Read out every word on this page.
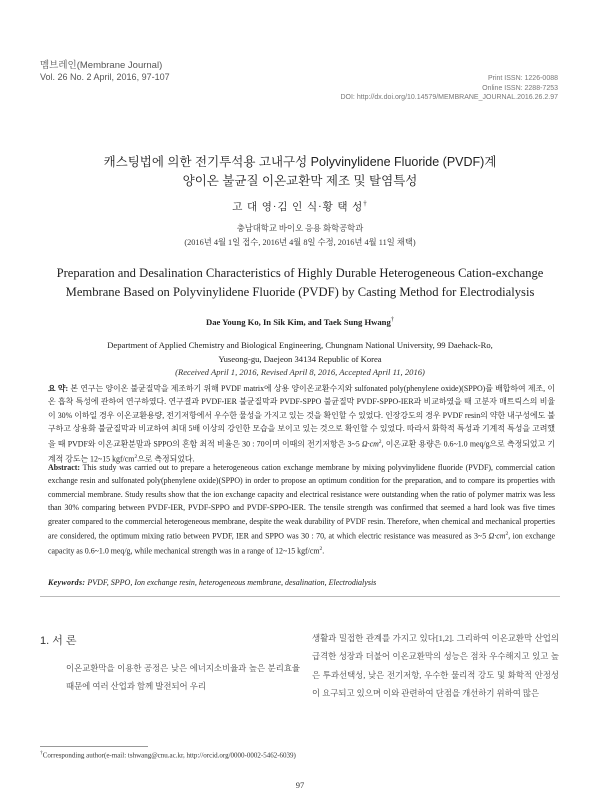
멤브레인(Membrane Journal)
Vol. 26 No. 2 April, 2016, 97-107	Print ISSN: 1226-0088
Online ISSN: 2288-7253
DOI: http://dx.doi.org/10.14579/MEMBRANE_JOURNAL.2016.26.2.97
캐스팅법에 의한 전기투석용 고내구성 Polyvinylidene Fluoride (PVDF)계
양이온 불균질 이온교환막 제조 및 탈염특성
고 대 영·김 인 식·황 택 성†
충남대학교 바이오 응용 화학공학과
(2016년 4월 1일 접수, 2016년 4월 8일 수정, 2016년 4월 11일 채택)
Preparation and Desalination Characteristics of Highly Durable Heterogeneous Cation-exchange
Membrane Based on Polyvinylidene Fluoride (PVDF) by Casting Method for Electrodialysis
Dae Young Ko, In Sik Kim, and Taek Sung Hwang†
Department of Applied Chemistry and Biological Engineering, Chungnam National University, 99 Daehack-Ro,
Yuseong-gu, Daejeon 34134 Republic of Korea
(Received April 1, 2016, Revised April 8, 2016, Accepted April 11, 2016)
요 약: 본 연구는 양이온 불균질막을 제조하기 위해 PVDF matrix에 상용 양이온교환수지와 sulfonated poly(phenylene oxide)(SPPO)를 배합하여 제조, 이온 흡착 특성에 관하여 연구하였다. 연구결과 PVDF-IER 불균질막과 PVDF-SPPO 불균질막 PVDF-SPPO-IER과 비교하였을 때 고분자 매트릭스의 비율이 30% 이하일 경우 이온교환용량, 전기저항에서 우수한 물성을 가지고 있는 것을 확인할 수 있었다. 인장강도의 경우 PVDF resin의 약한 내구성에도 불구하고 상용화 불균질막과 비교하여 최대 5배 이상의 강인한 모습을 보이고 있는 것으로 확인할 수 있었다. 따라서 화학적 특성과 기계적 특성을 고려했을 때 PVDF와 이온교환분말과 SPPO의 혼합 최적 비율은 30 : 70이며 이때의 전기저항은 3~5 $\Omega\cdot cm^2$, 이온교환 용량은 0.6~1.0 meq/g으로 측정되었고 기계적 강도는 12~15 kgf/$cm^2$으로 측정되었다.
Abstract: This study was carried out to prepare a heterogeneous cation exchange membrane by mixing polyvinylidene fluoride (PVDF), commercial cation exchange resin and sulfonated poly(phenylene oxide)(SPPO) in order to propose an optimum condition for the preparation, and to compare its properties with commercial membrane. Study results show that the ion exchange capacity and electrical resistance were outstanding when the ratio of polymer matrix was less than 30% comparing between PVDF-IER, PVDF-SPPO and PVDF-SPPO-IER. The tensile strength was confirmed that seemed a hard look was five times greater compared to the commercial heterogeneous membrane, despite the weak durability of PVDF resin. Therefore, when chemical and mechanical properties are considered, the optimum mixing ratio between PVDF, IER and SPPO was 30 : 70, at which electric resistance was measured as 3~5 $\Omega\cdot cm^2$, ion exchange capacity as 0.6~1.0 meq/g, while mechanical strength was in a range of 12~15 kgf/$cm^2$.
Keywords: PVDF, SPPO, Ion exchange resin, heterogeneous membrane, desalination, Electrodialysis
1. 서 론
이온교환막을 이용한 공정은 낮은 에너지소비율과 높은 분리효율 때문에 여러 산업과 함께 발전되어 우리
생활과 밀접한 관계를 가지고 있다[1,2]. 그리하여 이온교환막 산업의 급격한 성장과 더불어 이온교환막의 성능은 점차 우수해지고 있고 높은 투과선택성, 낮은 전기저항, 우수한 물리적 강도 및 화학적 안정성이 요구되고 있으며 이와 관련하여 단점을 개선하기 위하여 많은
†Corresponding author(e-mail: tshwang@cnu.ac.kr, http://orcid.org/0000-0002-5462-6039)
97
